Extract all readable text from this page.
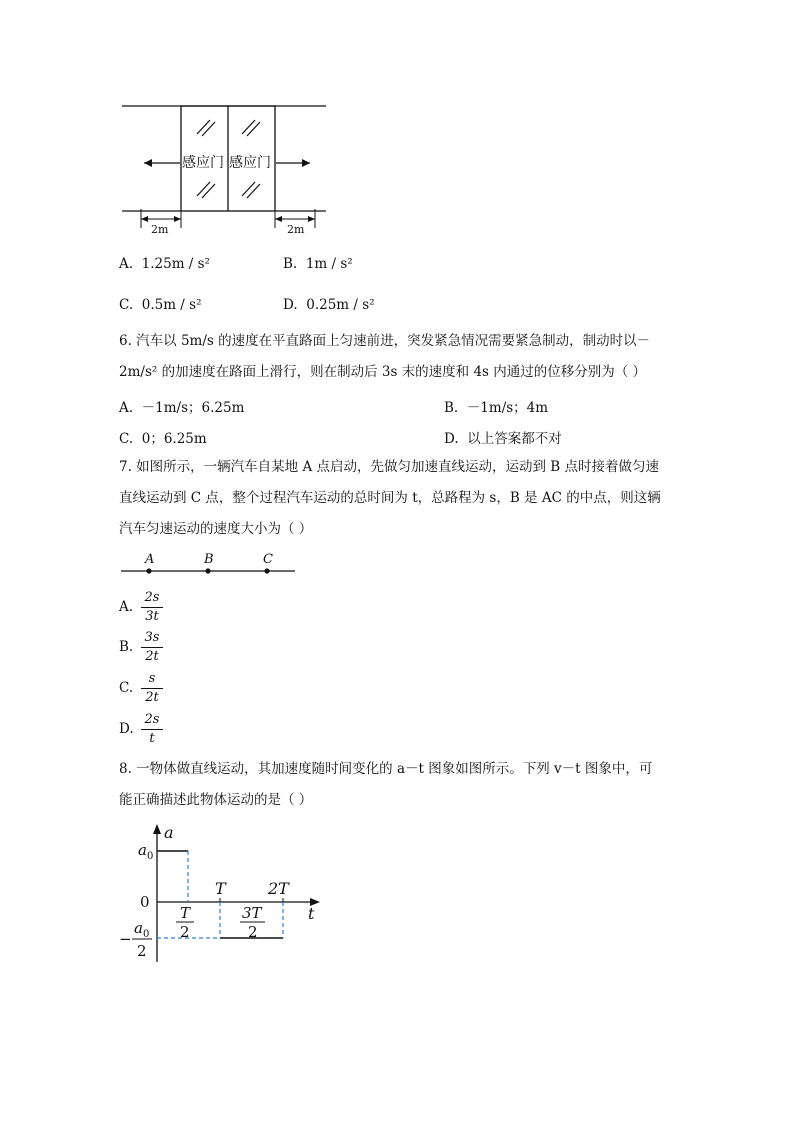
感应门 感应门
2m	2m
A. 1.25m / s²	B. 1m / s²
C. 0.5m / s²	D. 0.25m / s²
6. 汽车以 5m/s 的速度在平直路面上匀速前进，突发紧急情况需要紧急制动，制动时以－
2m/s² 的加速度在路面上滑行，则在制动后 3s 末的速度和 4s 内通过的位移分别为（ ）
A. －1m/s；6.25m	B. －1m/s；4m
C. 0；6.25m	D. 以上答案都不对
7. 如图所示，一辆汽车自某地 A 点启动，先做匀加速直线运动，运动到 B 点时接着做匀速
直线运动到 C 点，整个过程汽车运动的总时间为 t，总路程为 s，B 是 AC 的中点，则这辆
汽车匀速运动的速度大小为（ ）
A	B	C
A.
2s
3t
B.
3s
2t
C.
s
2t
D.
2s
t
8. 一物体做直线运动，其加速度随时间变化的 a－t 图象如图所示。下列 v－t 图象中，可
能正确描述此物体运动的是（ ）
a
t
0
$a_0$
T	2T
T
2
3T
2
−
$a_0$
2
